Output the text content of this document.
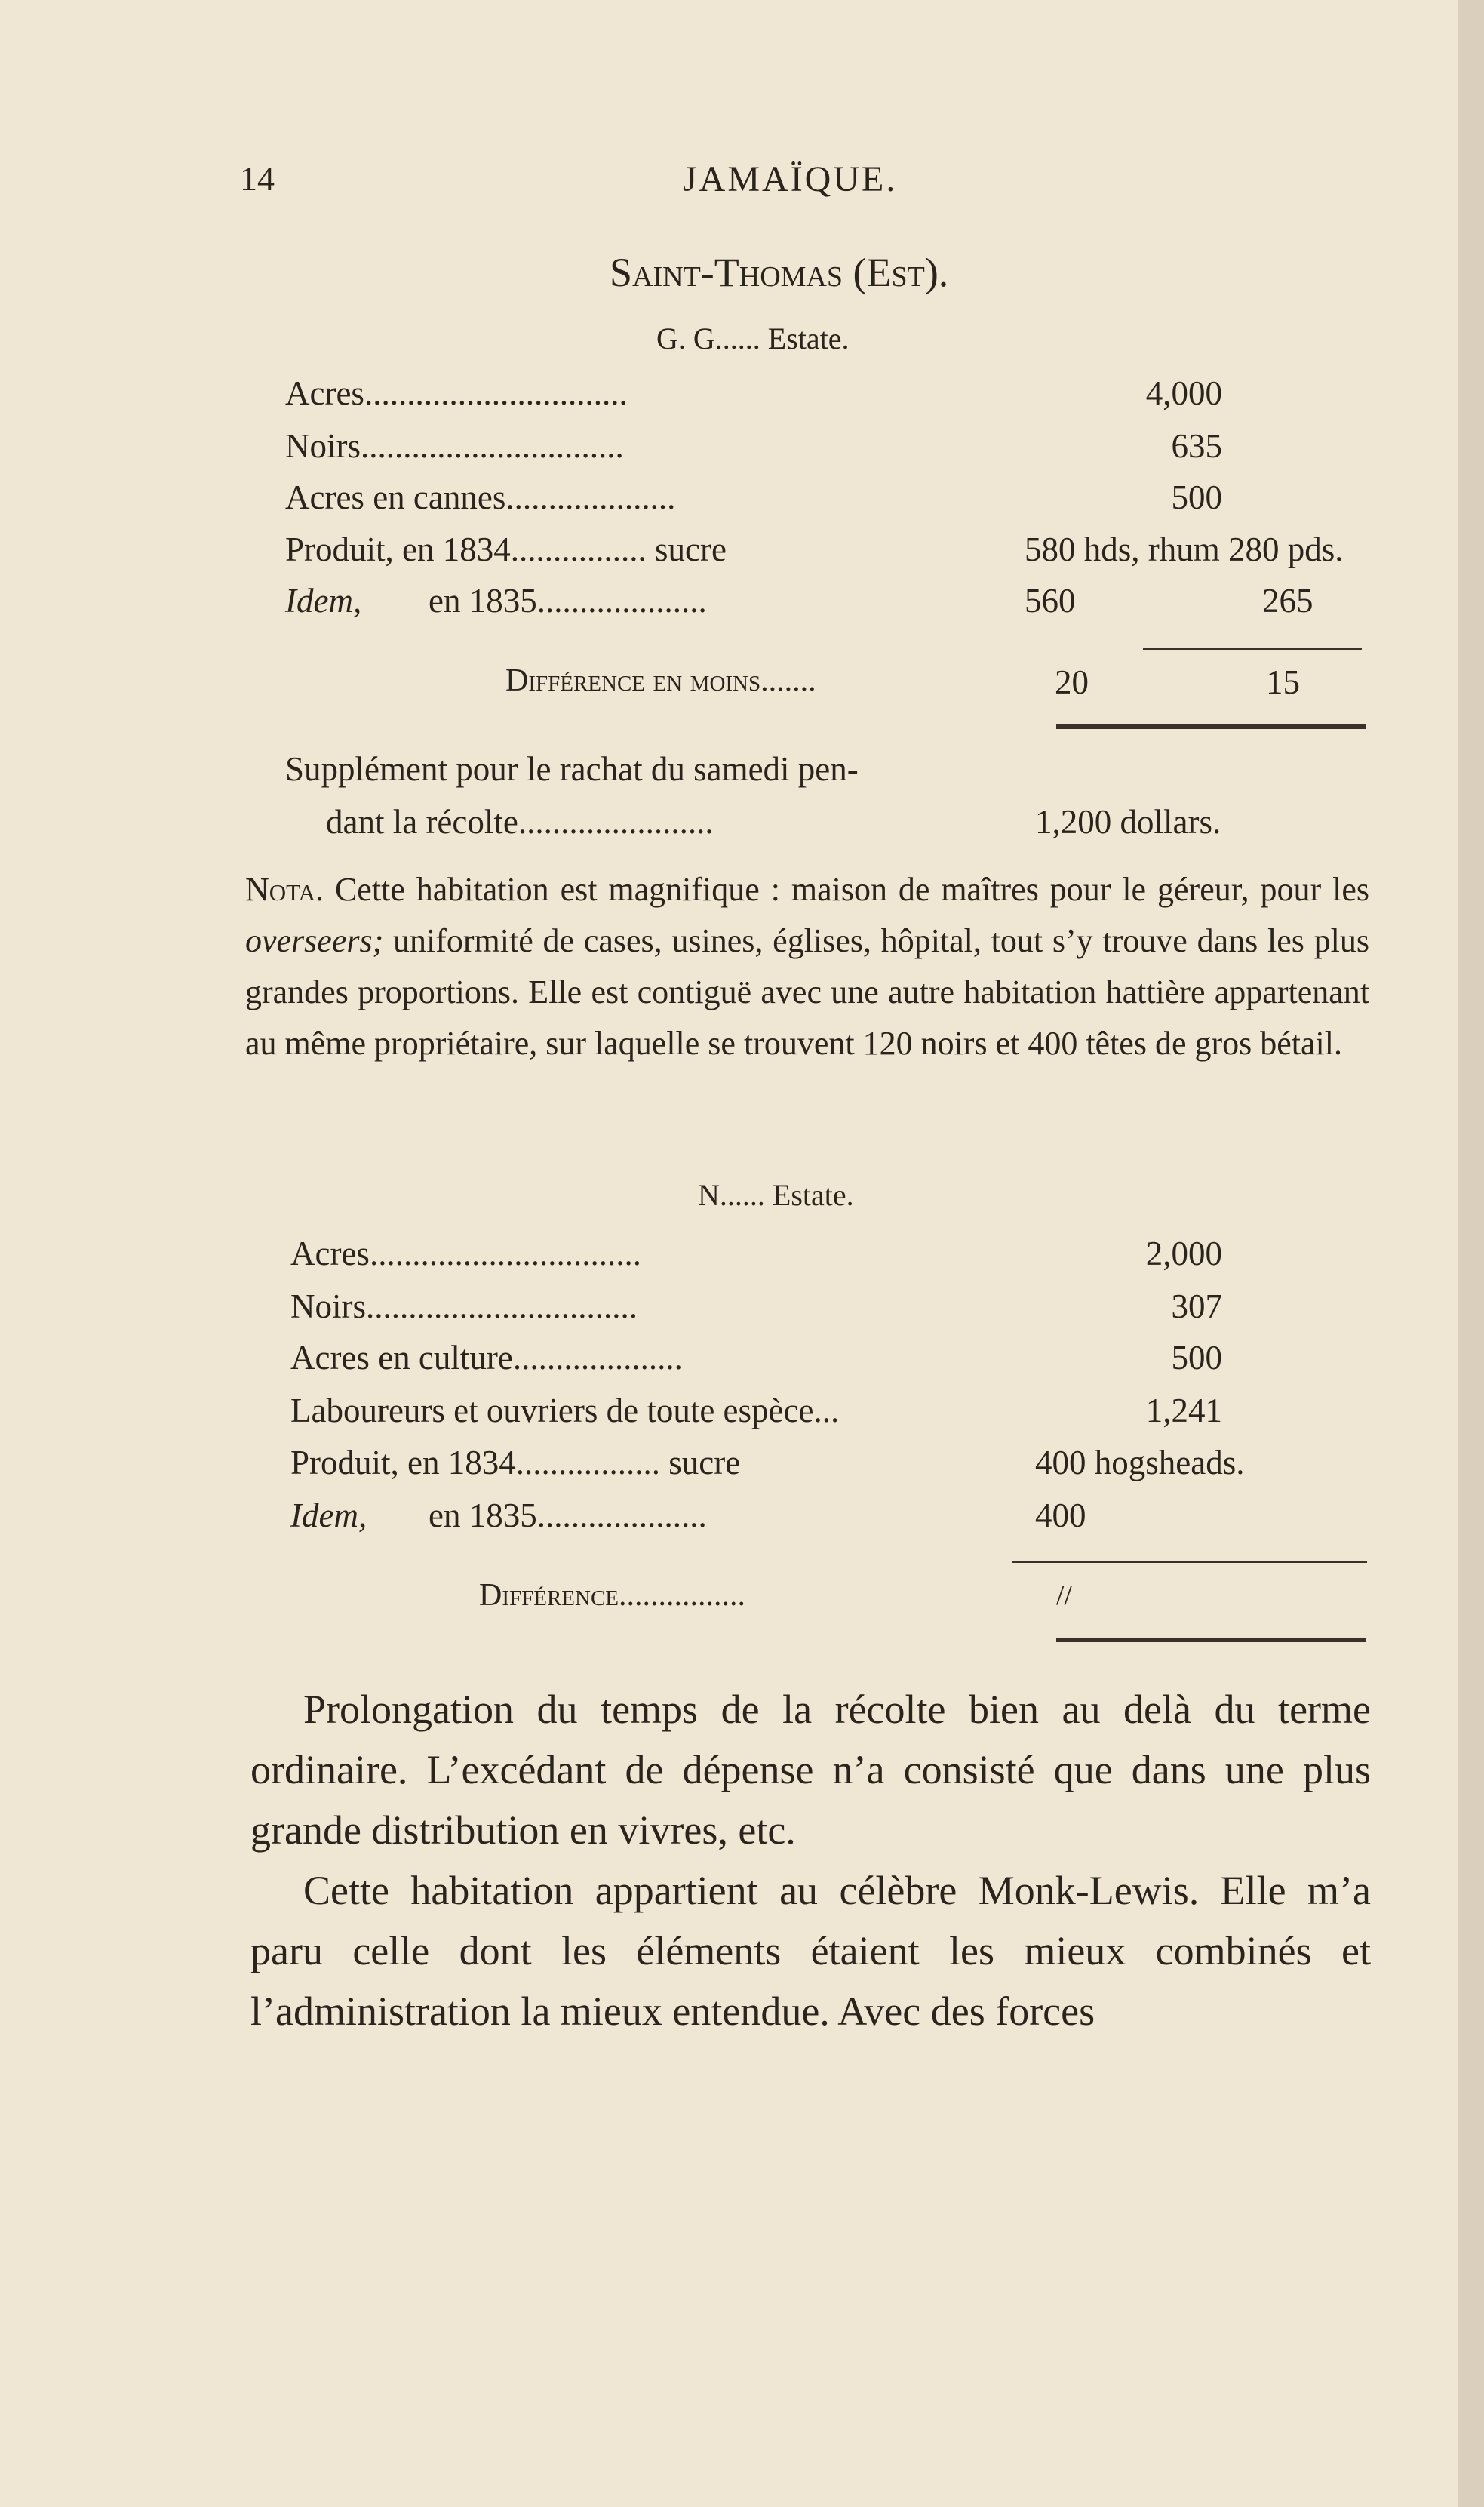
14	JAMAÏQUE.
Saint-Thomas (Est).
G. G...... Estate.
Acres...............................	4,000
Noirs...............................	635
Acres en cannes....................	500
Produit, en 1834................ sucre	580 hds, rhum 280 pds.
Idem, en 1835....................	560	265
Différence en moins.......	20	15
Supplément pour le rachat du samedi pen-
dant la récolte.......................	1,200 dollars.
Nota. Cette habitation est magnifique : maison de maîtres pour le géreur, pour les overseers; uniformité de cases, usines, églises, hôpital, tout s’y trouve dans les plus grandes proportions. Elle est contiguë avec une autre habitation hattière appartenant au même propriétaire, sur laquelle se trouvent 120 noirs et 400 têtes de gros bétail.
N...... Estate.
Acres................................	2,000
Noirs................................	307
Acres en culture....................	500
Laboureurs et ouvriers de toute espèce...	1,241
Produit, en 1834................. sucre	400 hogsheads.
Idem, en 1835....................	400
Différence................	//

Prolongation du temps de la récolte bien au delà du terme ordinaire. L’excédant de dépense n’a consisté que dans une plus grande distribution en vivres, etc.

Cette habitation appartient au célèbre Monk-Lewis. Elle m’a paru celle dont les éléments étaient les mieux combinés et l’administration la mieux entendue. Avec des forces
